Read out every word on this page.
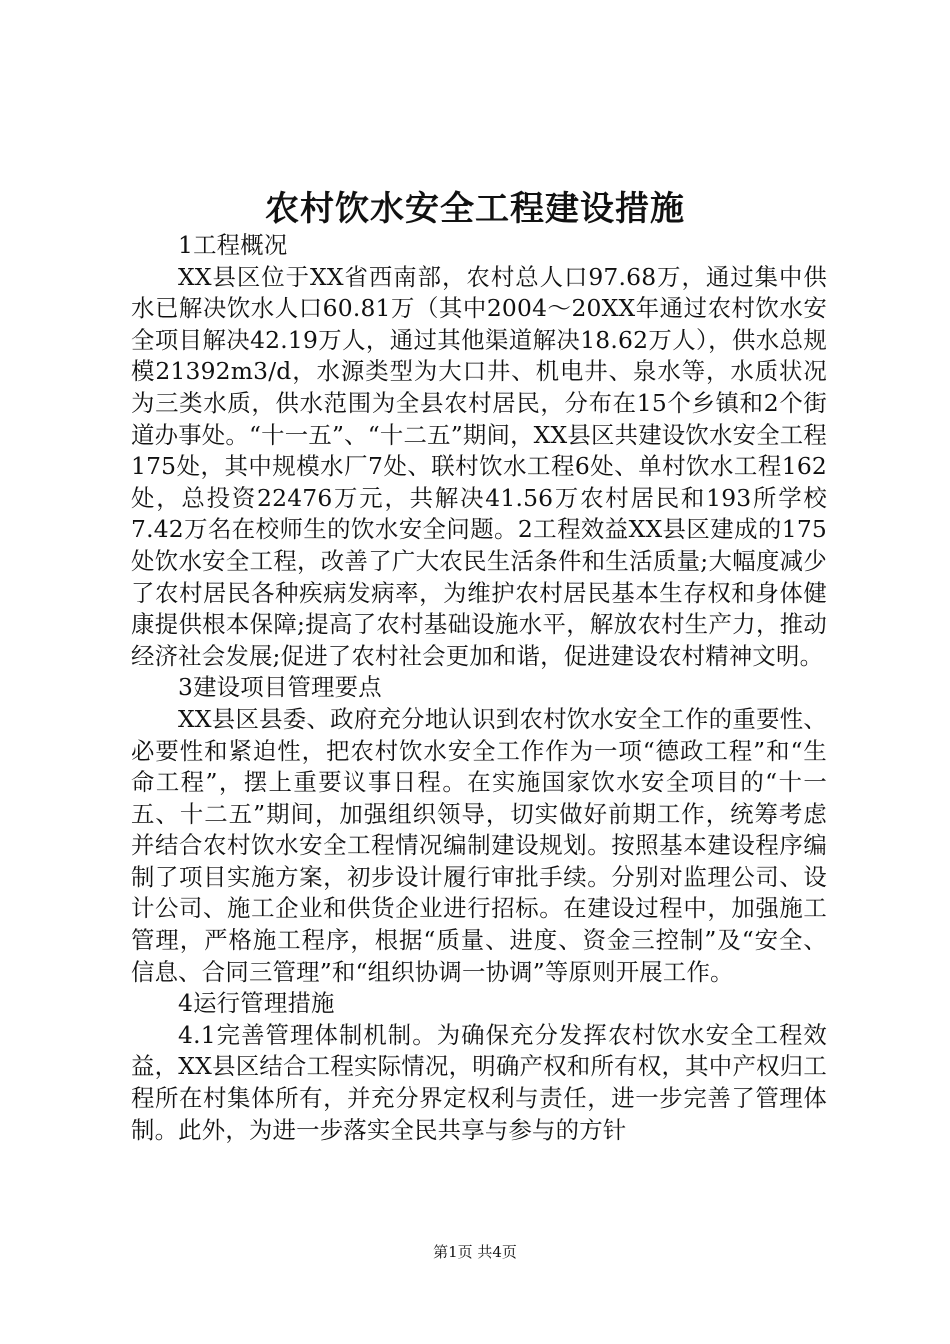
农村饮水安全工程建设措施

1工程概况

XX县区位于XX省西南部，农村总人口97.68万，通过集中供水已解决饮水人口60.81万（其中2004～20XX年通过农村饮水安全项目解决42.19万人，通过其他渠道解决18.62万人），供水总规模21392m3/d，水源类型为大口井、机电井、泉水等，水质状况为三类水质，供水范围为全县农村居民，分布在15个乡镇和2个街道办事处。“十一五”、“十二五”期间，XX县区共建设饮水安全工程175处，其中规模水厂7处、联村饮水工程6处、单村饮水工程162处，总投资22476万元，共解决41.56万农村居民和193所学校7.42万名在校师生的饮水安全问题。2工程效益XX县区建成的175处饮水安全工程，改善了广大农民生活条件和生活质量;大幅度减少了农村居民各种疾病发病率，为维护农村居民基本生存权和身体健康提供根本保障;提高了农村基础设施水平，解放农村生产力，推动经济社会发展;促进了农村社会更加和谐，促进建设农村精神文明。

3建设项目管理要点

XX县区县委、政府充分地认识到农村饮水安全工作的重要性、必要性和紧迫性，把农村饮水安全工作作为一项“德政工程”和“生命工程”，摆上重要议事日程。在实施国家饮水安全项目的“十一五、十二五”期间，加强组织领导，切实做好前期工作，统筹考虑并结合农村饮水安全工程情况编制建设规划。按照基本建设程序编制了项目实施方案，初步设计履行审批手续。分别对监理公司、设计公司、施工企业和供货企业进行招标。在建设过程中，加强施工管理，严格施工程序，根据“质量、进度、资金三控制”及“安全、信息、合同三管理”和“组织协调一协调”等原则开展工作。

4运行管理措施

4.1完善管理体制机制。为确保充分发挥农村饮水安全工程效益，XX县区结合工程实际情况，明确产权和所有权，其中产权归工程所在村集体所有，并充分界定权利与责任，进一步完善了管理体制。此外，为进一步落实全民共享与参与的方针

第1页 共4页
